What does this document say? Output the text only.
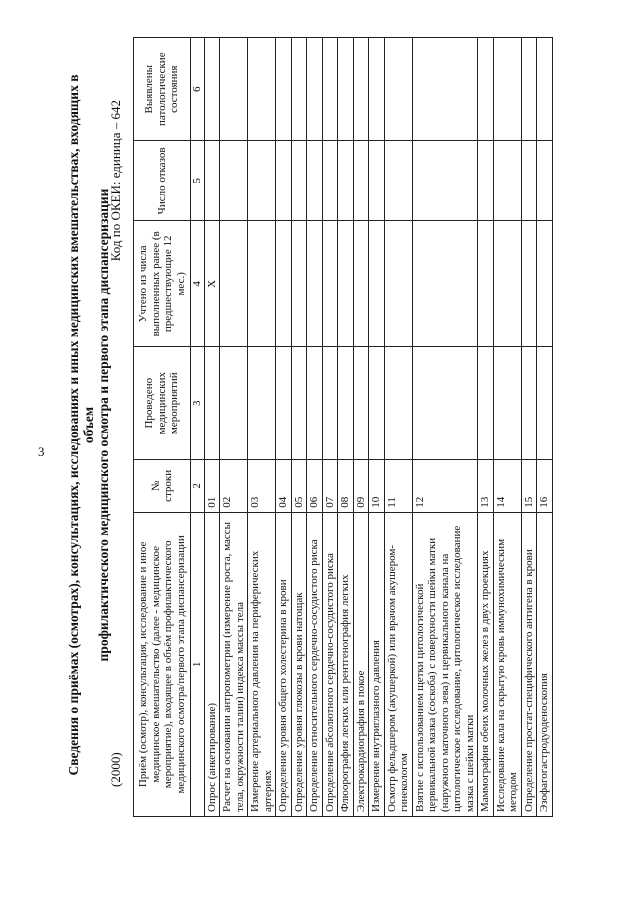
3 Сведения о приёмах (осмотрах), консультациях, исследованиях и иных медицинских вмешательствах, входящих в объем профилактического медицинского осмотра и первого этапа диспансеризации
(2000)
Код по ОКЕИ: единица – 642
Приём (осмотр), консультация, исследование и иное медицинское вмешательство (далее - медицинское мероприятие), входящее в объём профилактического медицинского осмотра/первого этапа диспансеризации	№ строки	Проведено медицинских мероприятий	Учтено из числа выполненных ранее (в предшествующие 12 мес.)	Число отказов	Выявлены патологические состояния
1	2	3	4	5	6
Опрос (анкетирование)	01		X		
Расчет на основании антропометрии (измерение роста, массы тела, окружности талии) индекса массы тела	02				
Измерение артериального давления на периферических артериях	03				
Определение уровня общего холестерина в крови	04				
Определение уровня глюкозы в крови натощак	05				
Определение относительного сердечно-сосудистого риска	06				
Определение абсолютного сердечно-сосудистого риска	07				
Флюорография легких или рентгенография легких	08				
Электрокардиография в покое	09				
Измерение внутриглазного давления	10				
Осмотр фельдшером (акушеркой) или врачом акушером-гинекологом	11				
Взятие с использованием щетки цитологической цервикальной мазка (соскоба) с поверхности шейки матки (наружного маточного зева) и цервикального канала на цитологическое исследование, цитологическое исследование мазка с шейки матки	12				
Маммография обеих молочных желез в двух проекциях	13				
Исследование кала на скрытую кровь иммунохимическим методом	14				
Определение простат-специфического антигена в крови	15				
Эзофагогастродуоденоскопия	16				
